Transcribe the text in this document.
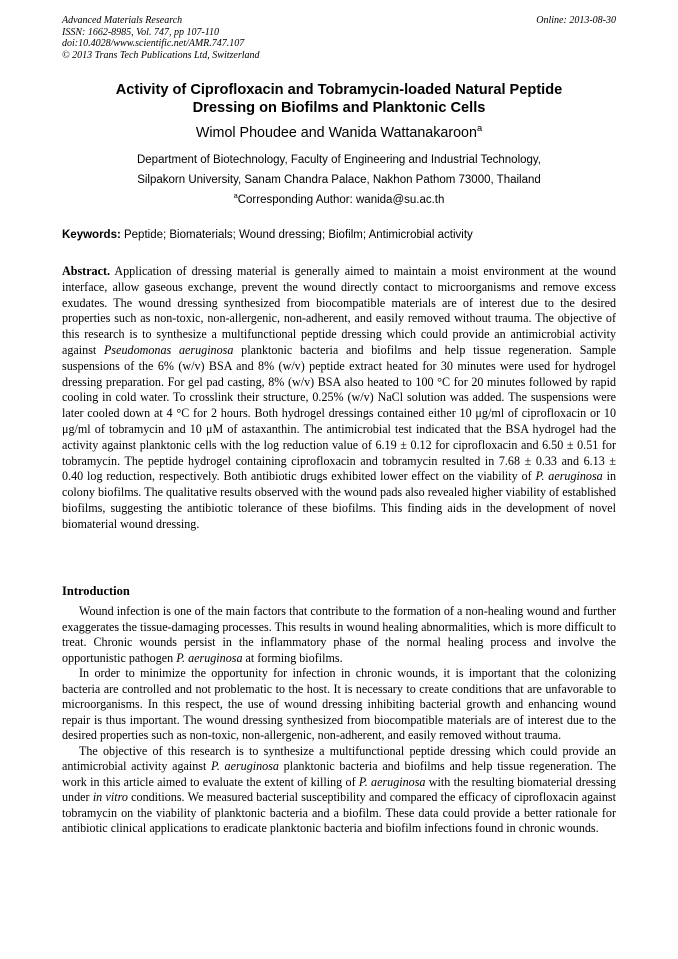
Advanced Materials Research
ISSN: 1662-8985, Vol. 747, pp 107-110
doi:10.4028/www.scientific.net/AMR.747.107
© 2013 Trans Tech Publications Ltd, Switzerland
Online: 2013-08-30
Activity of Ciprofloxacin and Tobramycin-loaded Natural Peptide
Dressing on Biofilms and Planktonic Cells
Wimol Phoudee and Wanida Wattanakaroon$^a$
Department of Biotechnology, Faculty of Engineering and Industrial Technology,
Silpakorn University, Sanam Chandra Palace, Nakhon Pathom 73000, Thailand
$^a$Corresponding Author: wanida@su.ac.th
Keywords: Peptide; Biomaterials; Wound dressing; Biofilm; Antimicrobial activity
Abstract. Application of dressing material is generally aimed to maintain a moist environment at the wound interface, allow gaseous exchange, prevent the wound directly contact to microorganisms and remove excess exudates. The wound dressing synthesized from biocompatible materials are of interest due to the desired properties such as non-toxic, non-allergenic, non-adherent, and easily removed without trauma. The objective of this research is to synthesize a multifunctional peptide dressing which could provide an antimicrobial activity against Pseudomonas aeruginosa planktonic bacteria and biofilms and help tissue regeneration. Sample suspensions of the 6% (w/v) BSA and 8% (w/v) peptide extract heated for 30 minutes were used for hydrogel dressing preparation. For gel pad casting, 8% (w/v) BSA also heated to 100 °C for 20 minutes followed by rapid cooling in cold water. To crosslink their structure, 0.25% (w/v) NaCl solution was added. The suspensions were later cooled down at 4 °C for 2 hours. Both hydrogel dressings contained either 10 μg/ml of ciprofloxacin or 10 μg/ml of tobramycin and 10 μM of astaxanthin. The antimicrobial test indicated that the BSA hydrogel had the activity against planktonic cells with the log reduction value of 6.19 ± 0.12 for ciprofloxacin and 6.50 ± 0.51 for tobramycin. The peptide hydrogel containing ciprofloxacin and tobramycin resulted in 7.68 ± 0.33 and 6.13 ± 0.40 log reduction, respectively. Both antibiotic drugs exhibited lower effect on the viability of P. aeruginosa in colony biofilms. The qualitative results observed with the wound pads also revealed higher viability of established biofilms, suggesting the antibiotic tolerance of these biofilms. This finding aids in the development of novel biomaterial wound dressing.
Introduction

Wound infection is one of the main factors that contribute to the formation of a non-healing wound and further exaggerates the tissue-damaging processes. This results in wound healing abnormalities, which is more difficult to treat. Chronic wounds persist in the inflammatory phase of the normal healing process and involve the opportunistic pathogen P. aeruginosa at forming biofilms.

In order to minimize the opportunity for infection in chronic wounds, it is important that the colonizing bacteria are controlled and not problematic to the host. It is necessary to create conditions that are unfavorable to microorganisms. In this respect, the use of wound dressing inhibiting bacterial growth and enhancing wound repair is thus important. The wound dressing synthesized from biocompatible materials are of interest due to the desired properties such as non-toxic, non-allergenic, non-adherent, and easily removed without trauma.

The objective of this research is to synthesize a multifunctional peptide dressing which could provide an antimicrobial activity against P. aeruginosa planktonic bacteria and biofilms and help tissue regeneration. The work in this article aimed to evaluate the extent of killing of P. aeruginosa with the resulting biomaterial dressing under in vitro conditions. We measured bacterial susceptibility and compared the efficacy of ciprofloxacin against tobramycin on the viability of planktonic bacteria and a biofilm. These data could provide a better rationale for antibiotic clinical applications to eradicate planktonic bacteria and biofilm infections found in chronic wounds.
